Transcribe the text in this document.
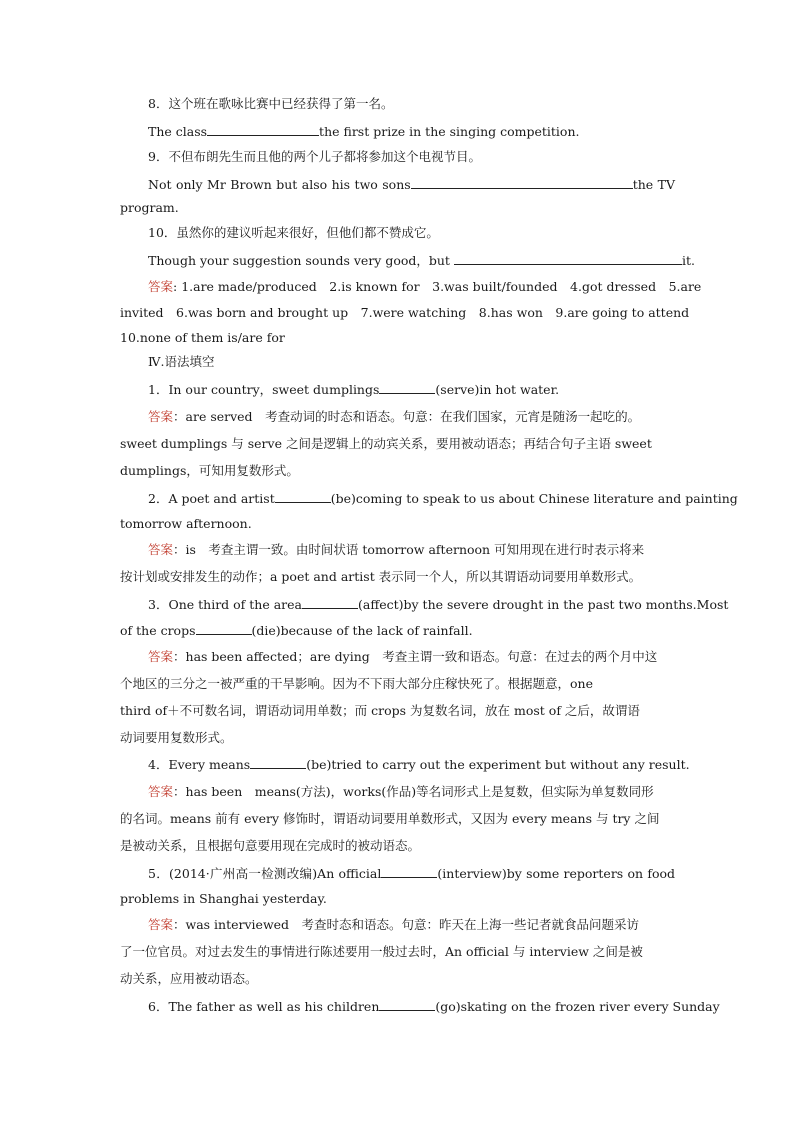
8．这个班在歌咏比赛中已经获得了第一名。
The class	the first prize in the singing competition.
9．不但布朗先生而且他的两个儿子都将参加这个电视节目。
Not only Mr Brown but also his two sons	the TV
program.
10．虽然你的建议听起来很好，但他们都不赞成它。
Though your suggestion sounds very good，but	it.
答案: 1.are made/produced　2.is known for　3.was built/founded　4.got dressed　5.are
invited　6.was born and brought up　7.were watching　8.has won　9.are going to attend
10.none of them is/are for
Ⅳ.语法填空
1．In our country，sweet dumplings	(serve)in hot water.
答案：are served　考查动词的时态和语态。句意：在我们国家，元宵是随汤一起吃的。
sweet dumplings 与 serve 之间是逻辑上的动宾关系，要用被动语态；再结合句子主语 sweet
dumplings，可知用复数形式。
2．A poet and artist	(be)coming to speak to us about Chinese literature and painting
tomorrow afternoon.
答案：is　考查主谓一致。由时间状语 tomorrow afternoon 可知用现在进行时表示将来
按计划或安排发生的动作；a poet and artist 表示同一个人，所以其谓语动词要用单数形式。
3．One third of the area	(affect)by the severe drought in the past two months.Most
of the crops	(die)because of the lack of rainfall.
答案：has been affected；are dying　考查主谓一致和语态。句意：在过去的两个月中这
个地区的三分之一被严重的干旱影响。因为不下雨大部分庄稼快死了。根据题意，one
third of＋不可数名词，谓语动词用单数；而 crops 为复数名词，放在 most of 之后，故谓语
动词要用复数形式。
4．Every means	(be)tried to carry out the experiment but without any result.
答案：has been　means(方法)，works(作品)等名词形式上是复数，但实际为单复数同形
的名词。means 前有 every 修饰时，谓语动词要用单数形式，又因为 every means 与 try 之间
是被动关系，且根据句意要用现在完成时的被动语态。
5．(2014·广州高一检测改编)An official	(interview)by some reporters on food
problems in Shanghai yesterday.
答案：was interviewed　考查时态和语态。句意：昨天在上海一些记者就食品问题采访
了一位官员。对过去发生的事情进行陈述要用一般过去时，An official 与 interview 之间是被
动关系，应用被动语态。
6．The father as well as his children	(go)skating on the frozen river every Sunday
